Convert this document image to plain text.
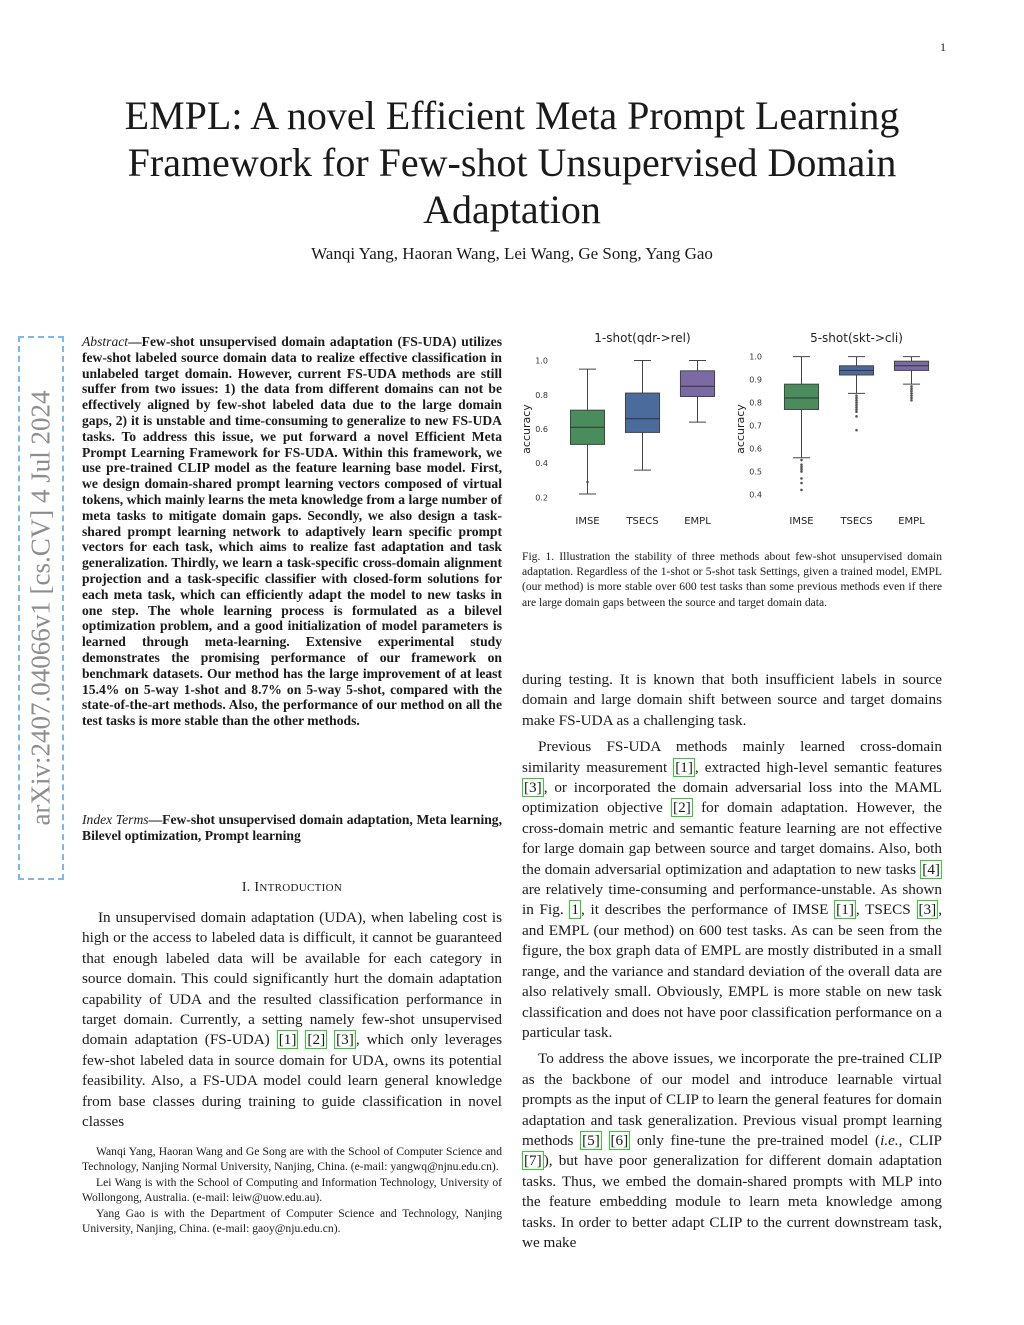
1
EMPL: A novel Efficient Meta Prompt Learning Framework for Few-shot Unsupervised Domain Adaptation
Wanqi Yang, Haoran Wang, Lei Wang, Ge Song, Yang Gao
arXiv:2407.04066v1 [cs.CV] 4 Jul 2024
Abstract—Few-shot unsupervised domain adaptation (FS-UDA) utilizes few-shot labeled source domain data to realize effective classification in unlabeled target domain. However, current FS-UDA methods are still suffer from two issues: 1) the data from different domains can not be effectively aligned by few-shot labeled data due to the large domain gaps, 2) it is unstable and time-consuming to generalize to new FS-UDA tasks. To address this issue, we put forward a novel Efficient Meta Prompt Learning Framework for FS-UDA. Within this framework, we use pre-trained CLIP model as the feature learning base model. First, we design domain-shared prompt learning vectors composed of virtual tokens, which mainly learns the meta knowledge from a large number of meta tasks to mitigate domain gaps. Secondly, we also design a task-shared prompt learning network to adaptively learn specific prompt vectors for each task, which aims to realize fast adaptation and task generalization. Thirdly, we learn a task-specific cross-domain alignment projection and a task-specific classifier with closed-form solutions for each meta task, which can efficiently adapt the model to new tasks in one step. The whole learning process is formulated as a bilevel optimization problem, and a good initialization of model parameters is learned through meta-learning. Extensive experimental study demonstrates the promising performance of our framework on benchmark datasets. Our method has the large improvement of at least 15.4% on 5-way 1-shot and 8.7% on 5-way 5-shot, compared with the state-of-the-art methods. Also, the performance of our method on all the test tasks is more stable than the other methods.
Index Terms—Few-shot unsupervised domain adaptation, Meta learning, Bilevel optimization, Prompt learning
I. INTRODUCTION
In unsupervised domain adaptation (UDA), when labeling cost is high or the access to labeled data is difficult, it cannot be guaranteed that enough labeled data will be available for each category in source domain. This could significantly hurt the domain adaptation capability of UDA and the resulted classification performance in target domain. Currently, a setting namely few-shot unsupervised domain adaptation (FS-UDA) [1] [2] [3] , which only leverages few-shot labeled data in source domain for UDA, owns its potential feasibility. Also, a FS-UDA model could learn general knowledge from base classes during training to guide classification in novel classes

Wanqi Yang, Haoran Wang and Ge Song are with the School of Computer Science and Technology, Nanjing Normal University, Nanjing, China. (e-mail: yangwq@njnu.edu.cn).

Lei Wang is with the School of Computing and Information Technology, University of Wollongong, Australia. (e-mail: leiw@uow.edu.au).

Yang Gao is with the Department of Computer Science and Technology, Nanjing University, Nanjing, China. (e-mail: gaoy@nju.edu.cn).

1-shot(qdr->rel)
accuracy
0.2
0.4
0.6
0.8
1.0
IMSE	TSECS	EMPL
5-shot(skt->cli)
accuracy
0.4
0.5
0.6
0.7
0.8
0.9
1.0
IMSE	TSECS	EMPL
Fig. 1. Illustration the stability of three methods about few-shot unsupervised domain adaptation. Regardless of the 1-shot or 5-shot task Settings, given a trained model, EMPL (our method) is more stable over 600 test tasks than some previous methods even if there are large domain gaps between the source and target domain data.

during testing. It is known that both insufficient labels in source domain and large domain shift between source and target domains make FS-UDA as a challenging task.

Previous FS-UDA methods mainly learned cross-domain similarity measurement [1] , extracted high-level semantic features [3] , or incorporated the domain adversarial loss into the MAML optimization objective [2] for domain adaptation. However, the cross-domain metric and semantic feature learning are not effective for large domain gap between source and target domains. Also, both the domain adversarial optimization and adaptation to new tasks [4] are relatively time-consuming and performance-unstable. As shown in Fig. 1 , it describes the performance of IMSE [1] , TSECS [3] , and EMPL (our method) on 600 test tasks. As can be seen from the figure, the box graph data of EMPL are mostly distributed in a small range, and the variance and standard deviation of the overall data are also relatively small. Obviously, EMPL is more stable on new task classification and does not have poor classification performance on a particular task.

To address the above issues, we incorporate the pre-trained CLIP as the backbone of our model and introduce learnable virtual prompts as the input of CLIP to learn the general features for domain adaptation and task generalization. Previous visual prompt learning methods [5] [6] only fine-tune the pre-trained model (i.e., CLIP [7] ), but have poor generalization for different domain adaptation tasks. Thus, we embed the domain-shared prompts with MLP into the feature embedding module to learn meta knowledge among tasks. In order to better adapt CLIP to the current downstream task, we make
